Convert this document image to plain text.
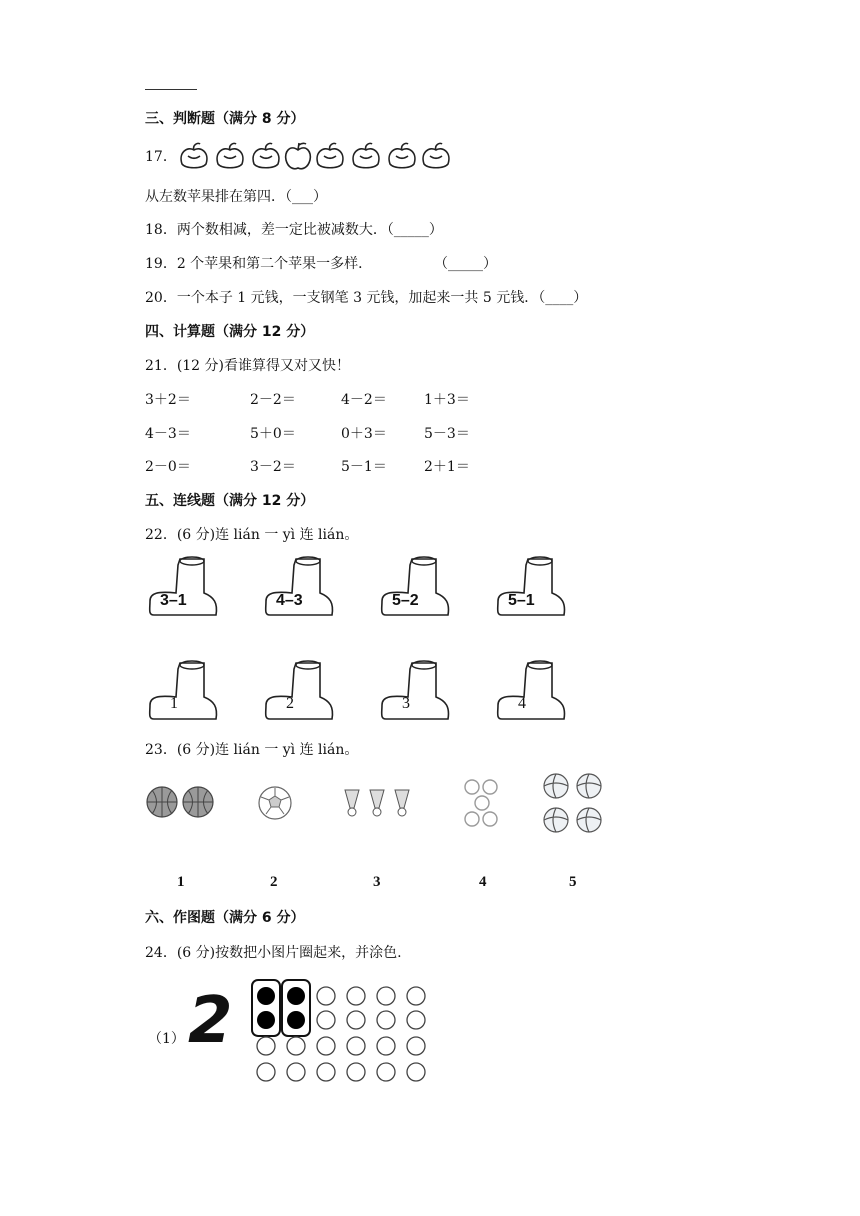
三、判断题（满分 8 分）
17．
从左数苹果排在第四．（___）
18．两个数相减，差一定比被减数大．（_____）
19．2 个苹果和第二个苹果一多样．	（_____）
20．一个本子 1 元钱，一支钢笔 3 元钱，加起来一共 5 元钱．（____）
四、计算题（满分 12 分）
21．(12 分)看谁算得又对又快！
3＋2＝	2－2＝	4－2＝	1＋3＝
4－3＝	5＋0＝	0＋3＝	5－3＝
2－0＝	3－2＝	5－1＝	2＋1＝
五、连线题（满分 12 分）
22．(6 分)连 lián 一 yì 连 lián。
3–1	4–3	5–2	5–1
1	2	3	4
23．(6 分)连 lián 一 yì 连 lián。
1	2	3	4	5
六、作图题（满分 6 分）
24．(6 分)按数把小图片圈起来，并涂色.
（1） 2
